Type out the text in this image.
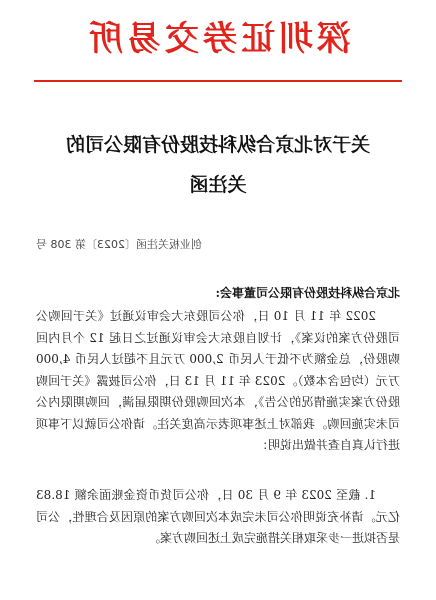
深圳证券交易所
关于对北京合纵科技股份有限公司的
关注函
创业板关注函〔2023〕第 308 号
北京合纵科技股份有限公司董事会:
2022 年 11 月 10 日，你公司股东大会审议通过《关于回购公司股份方案的议案》，计划自股东大会审议通过之日起 12 个月内回购股份，总金额为不低于人民币 2,000 万元且不超过人民币 4,000 万元（均包含本数）。2023 年 11 月 13 日，你公司披露《关于回购股份方案实施情况的公告》，本次回购股份期限届满，回购期限内公司未实施回购。我部对上述事项表示高度关注。请你公司就以下事项进行认真自查并做出说明：
1. 截至 2023 年 9 月 30 日，你公司货币资金账面余额 18.83 亿元。请补充说明你公司未完成本次回购方案的原因及合理性，公司是否拟进一步采取相关措施完成上述回购方案。
